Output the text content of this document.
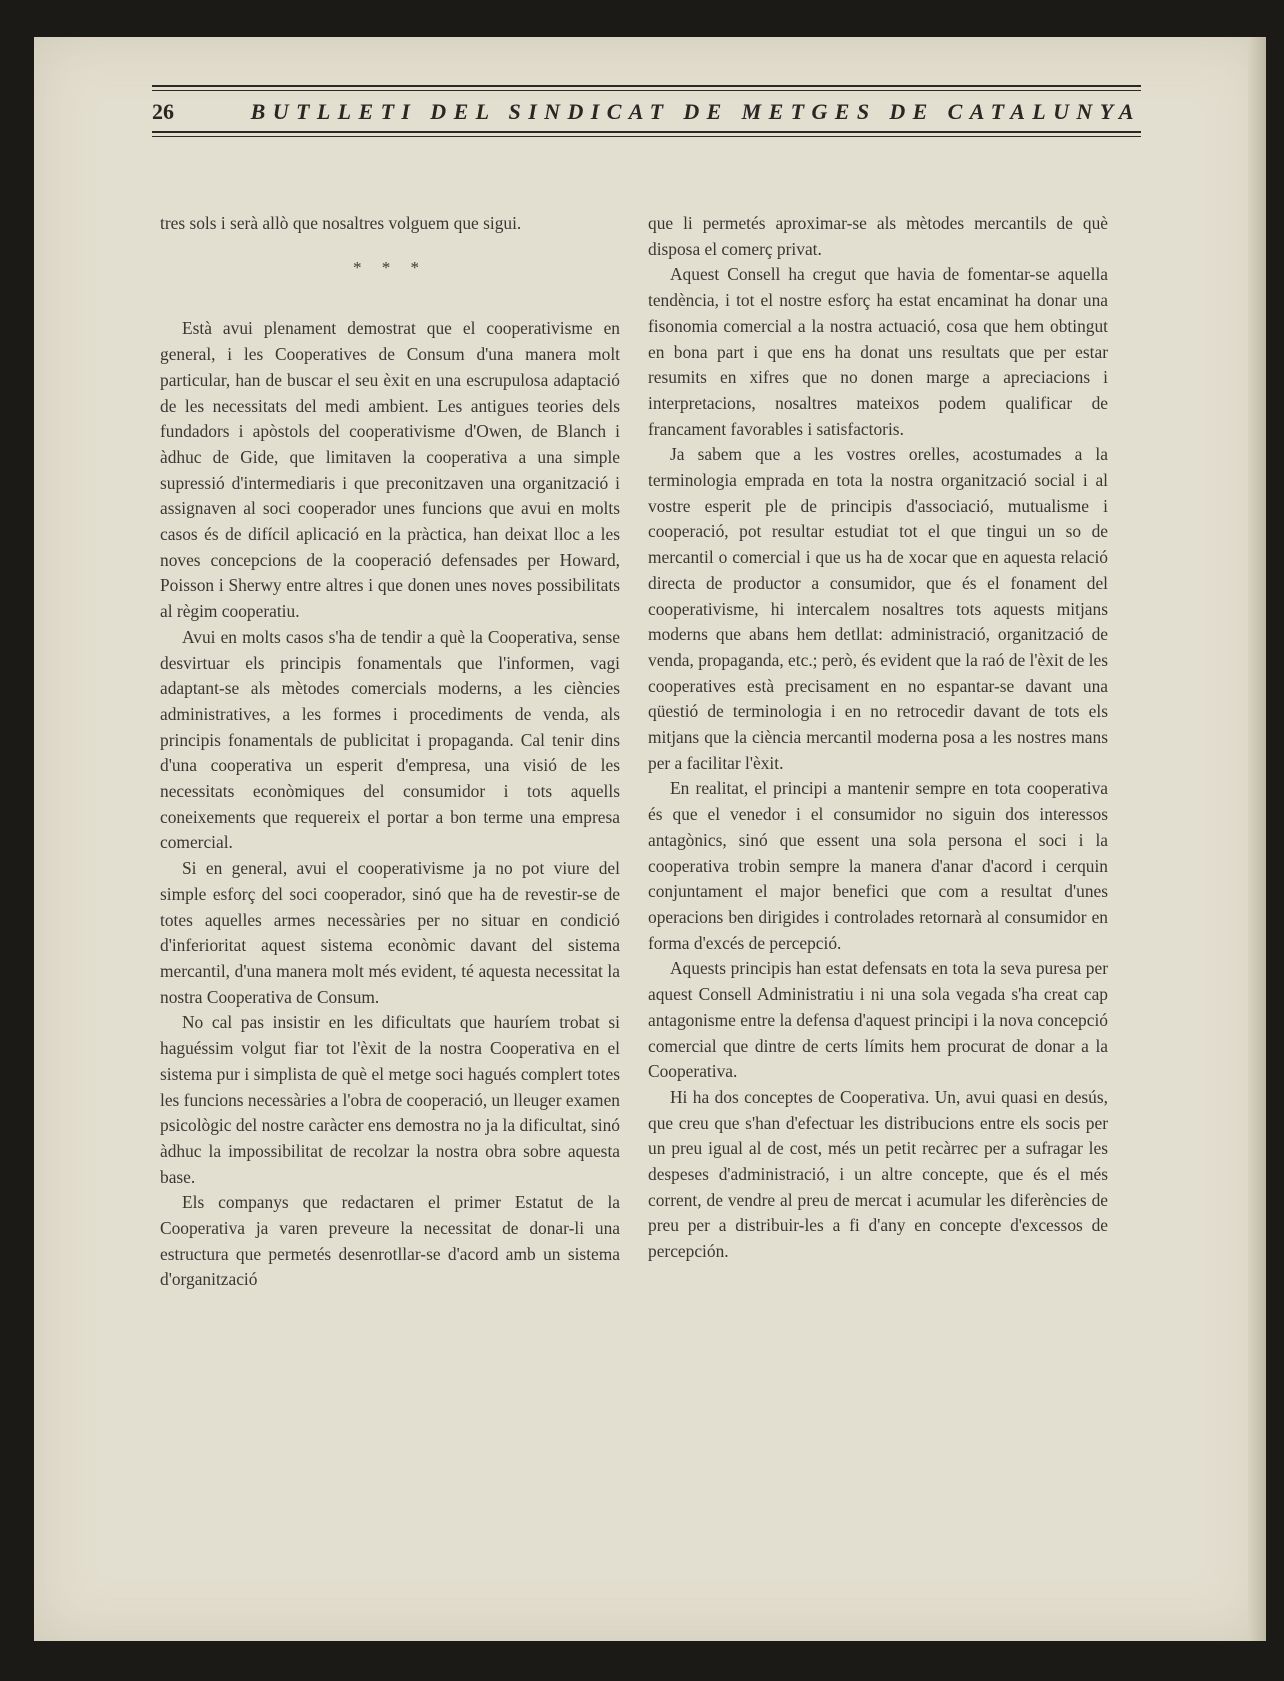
26	BUTLLETI DEL SINDICAT DE METGES DE CATALUNYA

tres sols i serà allò que nosaltres volguem que sigui.

* * *

Està avui plenament demostrat que el cooperativisme en general, i les Cooperatives de Consum d'una manera molt particular, han de buscar el seu èxit en una escrupulosa adaptació de les necessitats del medi ambient. Les antigues teories dels fundadors i apòstols del cooperativisme d'Owen, de Blanch i àdhuc de Gide, que limitaven la cooperativa a una simple supressió d'intermediaris i que preconitzaven una organització i assignaven al soci cooperador unes funcions que avui en molts casos és de difícil aplicació en la pràctica, han deixat lloc a les noves concepcions de la cooperació defensades per Howard, Poisson i Sherwy entre altres i que donen unes noves possibilitats al règim cooperatiu.

Avui en molts casos s'ha de tendir a què la Cooperativa, sense desvirtuar els principis fonamentals que l'informen, vagi adaptant-se als mètodes comercials moderns, a les ciències administratives, a les formes i procediments de venda, als principis fonamentals de publicitat i propaganda. Cal tenir dins d'una cooperativa un esperit d'empresa, una visió de les necessitats econòmiques del consumidor i tots aquells coneixements que requereix el portar a bon terme una empresa comercial.

Si en general, avui el cooperativisme ja no pot viure del simple esforç del soci cooperador, sinó que ha de revestir-se de totes aquelles armes necessàries per no situar en condició d'inferioritat aquest sistema econòmic davant del sistema mercantil, d'una manera molt més evident, té aquesta necessitat la nostra Cooperativa de Consum.

No cal pas insistir en les dificultats que hauríem trobat si haguéssim volgut fiar tot l'èxit de la nostra Cooperativa en el sistema pur i simplista de què el metge soci hagués complert totes les funcions necessàries a l'obra de cooperació, un lleuger examen psicològic del nostre caràcter ens demostra no ja la dificultat, sinó àdhuc la impossibilitat de recolzar la nostra obra sobre aquesta base.

Els companys que redactaren el primer Estatut de la Cooperativa ja varen preveure la necessitat de donar-li una estructura que permetés desenrotllar-se d'acord amb un sistema d'organització

que li permetés aproximar-se als mètodes mercantils de què disposa el comerç privat.

Aquest Consell ha cregut que havia de fomentar-se aquella tendència, i tot el nostre esforç ha estat encaminat ha donar una fisonomia comercial a la nostra actuació, cosa que hem obtingut en bona part i que ens ha donat uns resultats que per estar resumits en xifres que no donen marge a apreciacions i interpretacions, nosaltres mateixos podem qualificar de francament favorables i satisfactoris.

Ja sabem que a les vostres orelles, acostumades a la terminologia emprada en tota la nostra organització social i al vostre esperit ple de principis d'associació, mutualisme i cooperació, pot resultar estudiat tot el que tingui un so de mercantil o comercial i que us ha de xocar que en aquesta relació directa de productor a consumidor, que és el fonament del cooperativisme, hi intercalem nosaltres tots aquests mitjans moderns que abans hem detllat: administració, organització de venda, propaganda, etc.; però, és evident que la raó de l'èxit de les cooperatives està precisament en no espantar-se davant una qüestió de terminologia i en no retrocedir davant de tots els mitjans que la ciència mercantil moderna posa a les nostres mans per a facilitar l'èxit.

En realitat, el principi a mantenir sempre en tota cooperativa és que el venedor i el consumidor no siguin dos interessos antagònics, sinó que essent una sola persona el soci i la cooperativa trobin sempre la manera d'anar d'acord i cerquin conjuntament el major benefici que com a resultat d'unes operacions ben dirigides i controlades retornarà al consumidor en forma d'excés de percepció.

Aquests principis han estat defensats en tota la seva puresa per aquest Consell Administratiu i ni una sola vegada s'ha creat cap antagonisme entre la defensa d'aquest principi i la nova concepció comercial que dintre de certs límits hem procurat de donar a la Cooperativa.

Hi ha dos conceptes de Cooperativa. Un, avui quasi en desús, que creu que s'han d'efectuar les distribucions entre els socis per un preu igual al de cost, més un petit recàrrec per a sufragar les despeses d'administració, i un altre concepte, que és el més corrent, de vendre al preu de mercat i acumular les diferències de preu per a distribuir-les a fi d'any en concepte d'excessos de percepción.
